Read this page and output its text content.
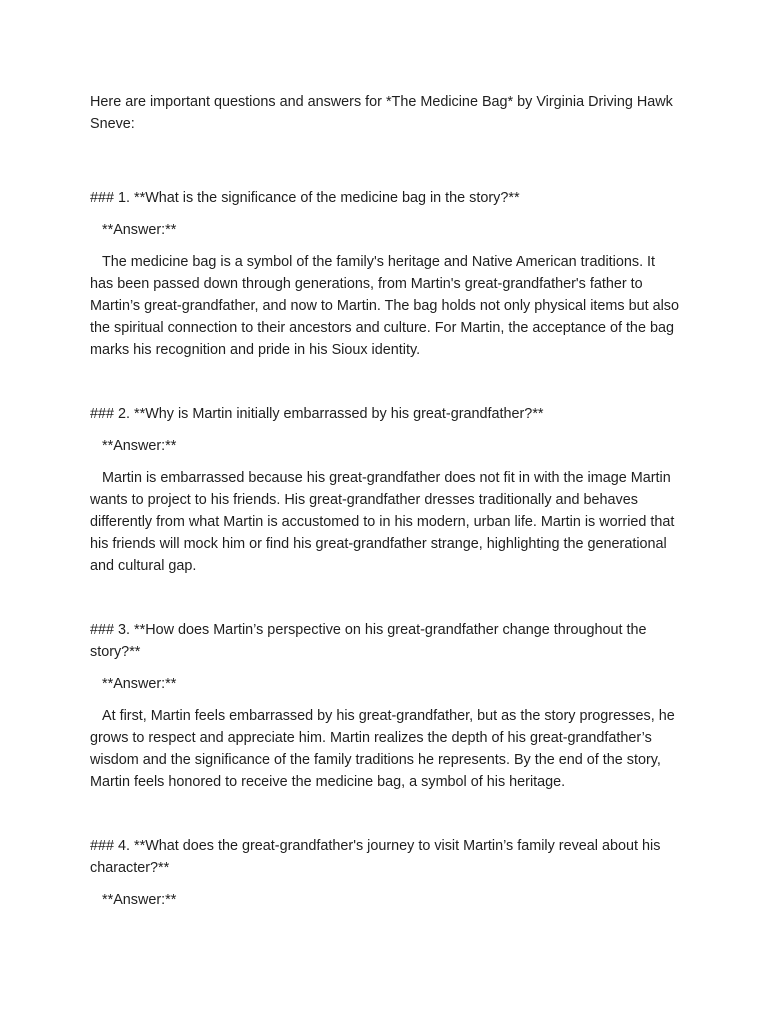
Here are important questions and answers for *The Medicine Bag* by Virginia Driving Hawk Sneve:

### 1. **What is the significance of the medicine bag in the story?**

**Answer:**

The medicine bag is a symbol of the family's heritage and Native American traditions. It has been passed down through generations, from Martin's great-grandfather's father to Martin’s great-grandfather, and now to Martin. The bag holds not only physical items but also the spiritual connection to their ancestors and culture. For Martin, the acceptance of the bag marks his recognition and pride in his Sioux identity.

### 2. **Why is Martin initially embarrassed by his great-grandfather?**

**Answer:**

Martin is embarrassed because his great-grandfather does not fit in with the image Martin wants to project to his friends. His great-grandfather dresses traditionally and behaves differently from what Martin is accustomed to in his modern, urban life. Martin is worried that his friends will mock him or find his great-grandfather strange, highlighting the generational and cultural gap.

### 3. **How does Martin’s perspective on his great-grandfather change throughout the story?**

**Answer:**

At first, Martin feels embarrassed by his great-grandfather, but as the story progresses, he grows to respect and appreciate him. Martin realizes the depth of his great-grandfather’s wisdom and the significance of the family traditions he represents. By the end of the story, Martin feels honored to receive the medicine bag, a symbol of his heritage.

### 4. **What does the great-grandfather's journey to visit Martin’s family reveal about his character?**

**Answer:**
